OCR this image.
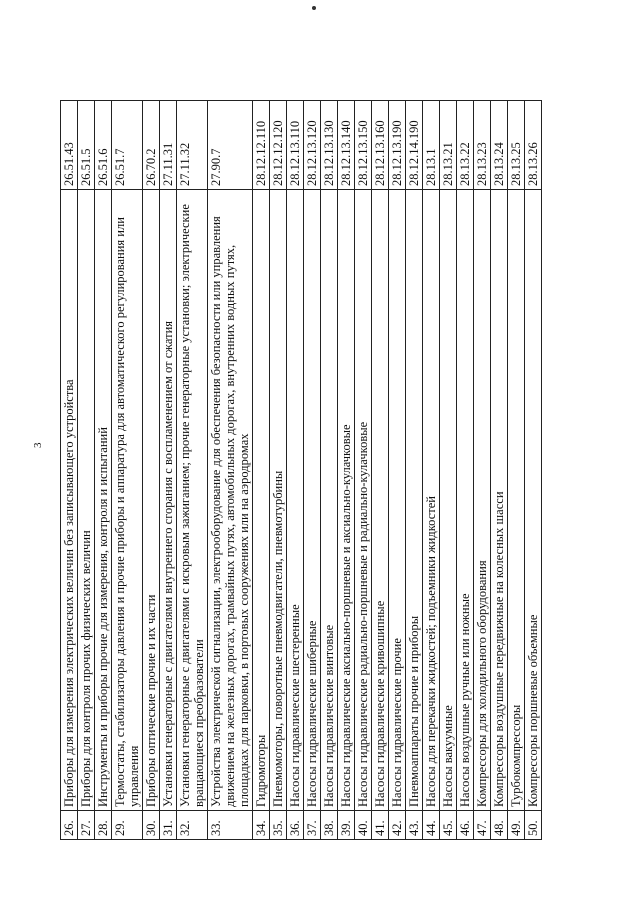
3
26.	Приборы для измерения электрических величин без записывающего устройства	26.51.43
27.	Приборы для контроля прочих физических величин	26.51.5
28.	Инструменты и приборы прочие для измерения, контроля и испытаний	26.51.6
29.	Термостаты, стабилизаторы давления и прочие приборы и аппаратура для автоматического регулирования или управления	26.51.7
30.	Приборы оптические прочие и их части	26.70.2
31.	Установки генераторные с двигателями внутреннего сгорания с воспламенением от сжатия	27.11.31
32.	Установки генераторные с двигателями с искровым зажиганием; прочие генераторные установки; электрические вращающиеся преобразователи	27.11.32
33.	Устройства электрической сигнализации, электрооборудование для обеспечения безопасности или управления движением на железных дорогах, трамвайных путях, автомобильных дорогах, внутренних водных путях, площадках для парковки, в портовых сооружениях или на аэродромах	27.90.7
34.	Гидромоторы	28.12.12.110
35.	Пневмомоторы, поворотные пневмодвигатели, пневмотурбины	28.12.12.120
36.	Насосы гидравлические шестеренные	28.12.13.110
37.	Насосы гидравлические шиберные	28.12.13.120
38.	Насосы гидравлические винтовые	28.12.13.130
39.	Насосы гидравлические аксиально-поршневые и аксиально-кулачковые	28.12.13.140
40.	Насосы гидравлические радиально-поршневые и радиально-кулачковые	28.12.13.150
41.	Насосы гидравлические кривошипные	28.12.13.160
42.	Насосы гидравлические прочие	28.12.13.190
43.	Пневмоаппараты прочие и приборы	28.12.14.190
44.	Насосы для перекачки жидкостей; подъемники жидкостей	28.13.1
45.	Насосы вакуумные	28.13.21
46.	Насосы воздушные ручные или ножные	28.13.22
47.	Компрессоры для холодильного оборудования	28.13.23
48.	Компрессоры воздушные передвижные на колесных шасси	28.13.24
49.	Турбокомпрессоры	28.13.25
50.	Компрессоры поршневые объемные	28.13.26
